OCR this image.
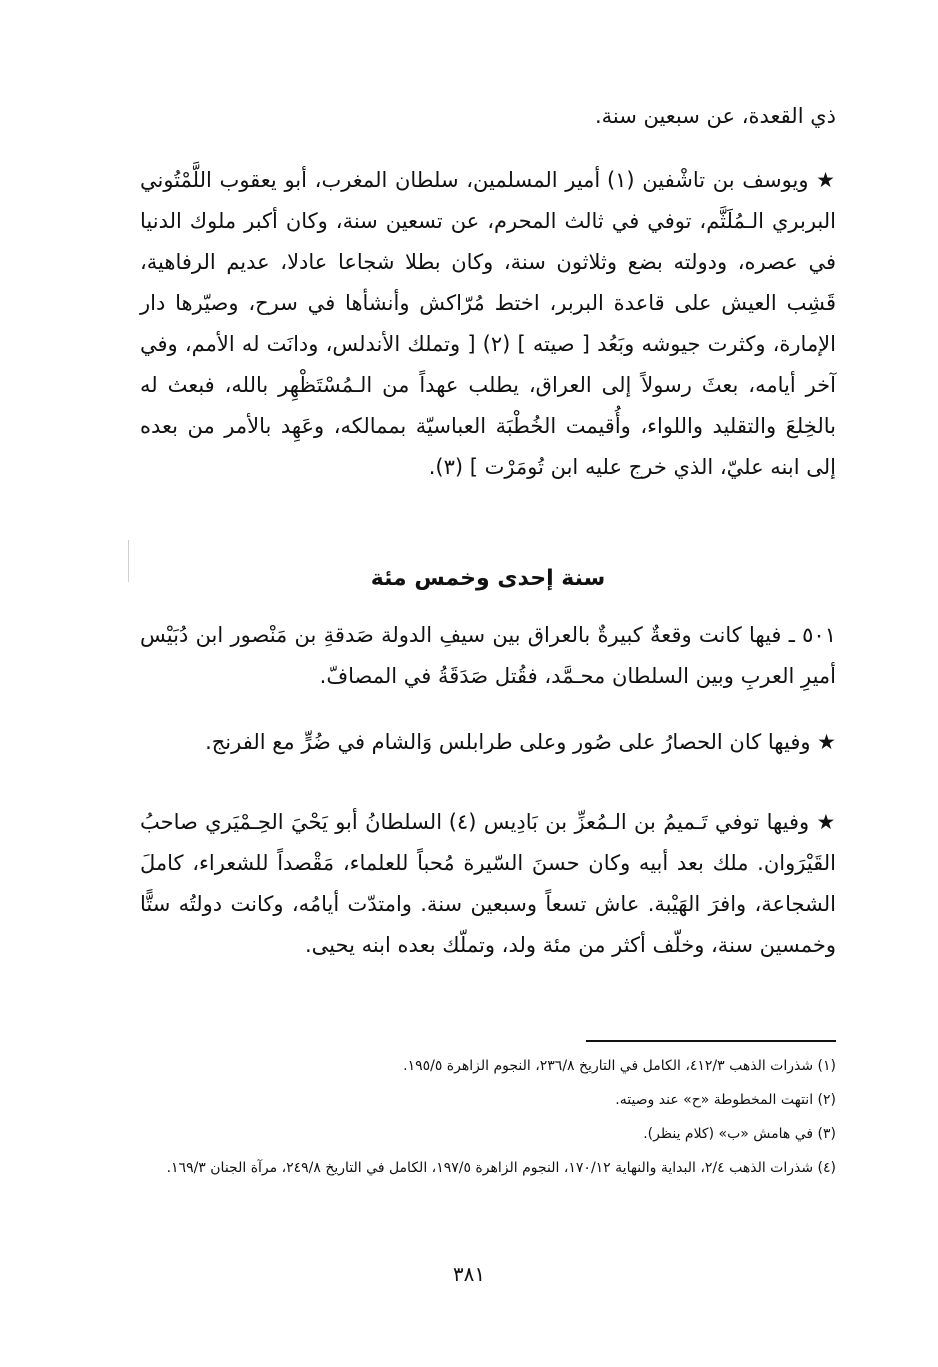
ذي القعدة، عن سبعين سنة.

★ ويوسف بن تاشْفين (١) أمير المسلمين، سلطان المغرب، أبو يعقوب اللَّمْتُوني البربري الـمُلَثَّم، توفي في ثالث المحرم، عن تسعين سنة، وكان أكبر ملوك الدنيا في عصره، ودولته بضع وثلاثون سنة، وكان بطلا شجاعا عادلا، عديم الرفاهية، قَشِب العيش على قاعدة البربر، اختط مُرّاكش وأنشأها في سرح، وصيّرها دار الإمارة، وكثرت جيوشه وبَعُد [ صيته ] (٢) [ وتملك الأندلس، ودانَت له الأمم، وفي آخر أيامه، بعثَ رسولاً إلى العراق، يطلب عهداً من الـمُسْتَظْهِر بالله، فبعث له بالخِلعَ والتقليد واللواء، وأُقيمت الخُطْبَة العباسيّة بممالكه، وعَهِد بالأمر من بعده إلى ابنه عليّ، الذي خرج عليه ابن تُومَرْت ] (٣).

سنة إحدى وخمس مئة

٥٠١ ـ فيها كانت وقعةٌ كبيرةٌ بالعراق بين سيفِ الدولة صَدقةِ بن مَنْصور ابن دُبَيْس أميرِ العربِ وبين السلطان محـمَّد، فقُتل صَدَقَةُ في المصافّ.

★ وفيها كان الحصارُ على صُور وعلى طرابلس وَالشام في ضُرٍّ مع الفرنج.

★ وفيها توفي تَـميمُ بن الـمُعزِّ بن بَادِيس (٤) السلطانُ أبو يَحْيَ الحِـمْيَري صاحبُ القَيْرَوان. ملك بعد أبيه وكان حسنَ السّيرة مُحباً للعلماء، مَقْصداً للشعراء، كاملَ الشجاعة، وافرَ الهَيْبة. عاش تسعاً وسبعين سنة. وامتدّت أيامُه، وكانت دولتُه ستًّا وخمسين سنة، وخلّف أكثر من مئة ولد، وتملّك بعده ابنه يحيى.

(١) شذرات الذهب ٤١٢/٣، الكامل في التاريخ ٢٣٦/٨، النجوم الزاهرة ١٩٥/٥.

(٢) انتهت المخطوطة «ح» عند وصيته.

(٣) في هامش «ب» (كلام ينظر).

(٤) شذرات الذهب ٢/٤، البداية والنهاية ١٧٠/١٢، النجوم الزاهرة ١٩٧/٥، الكامل في التاريخ ٢٤٩/٨، مرآة الجنان ١٦٩/٣.

٣٨١
